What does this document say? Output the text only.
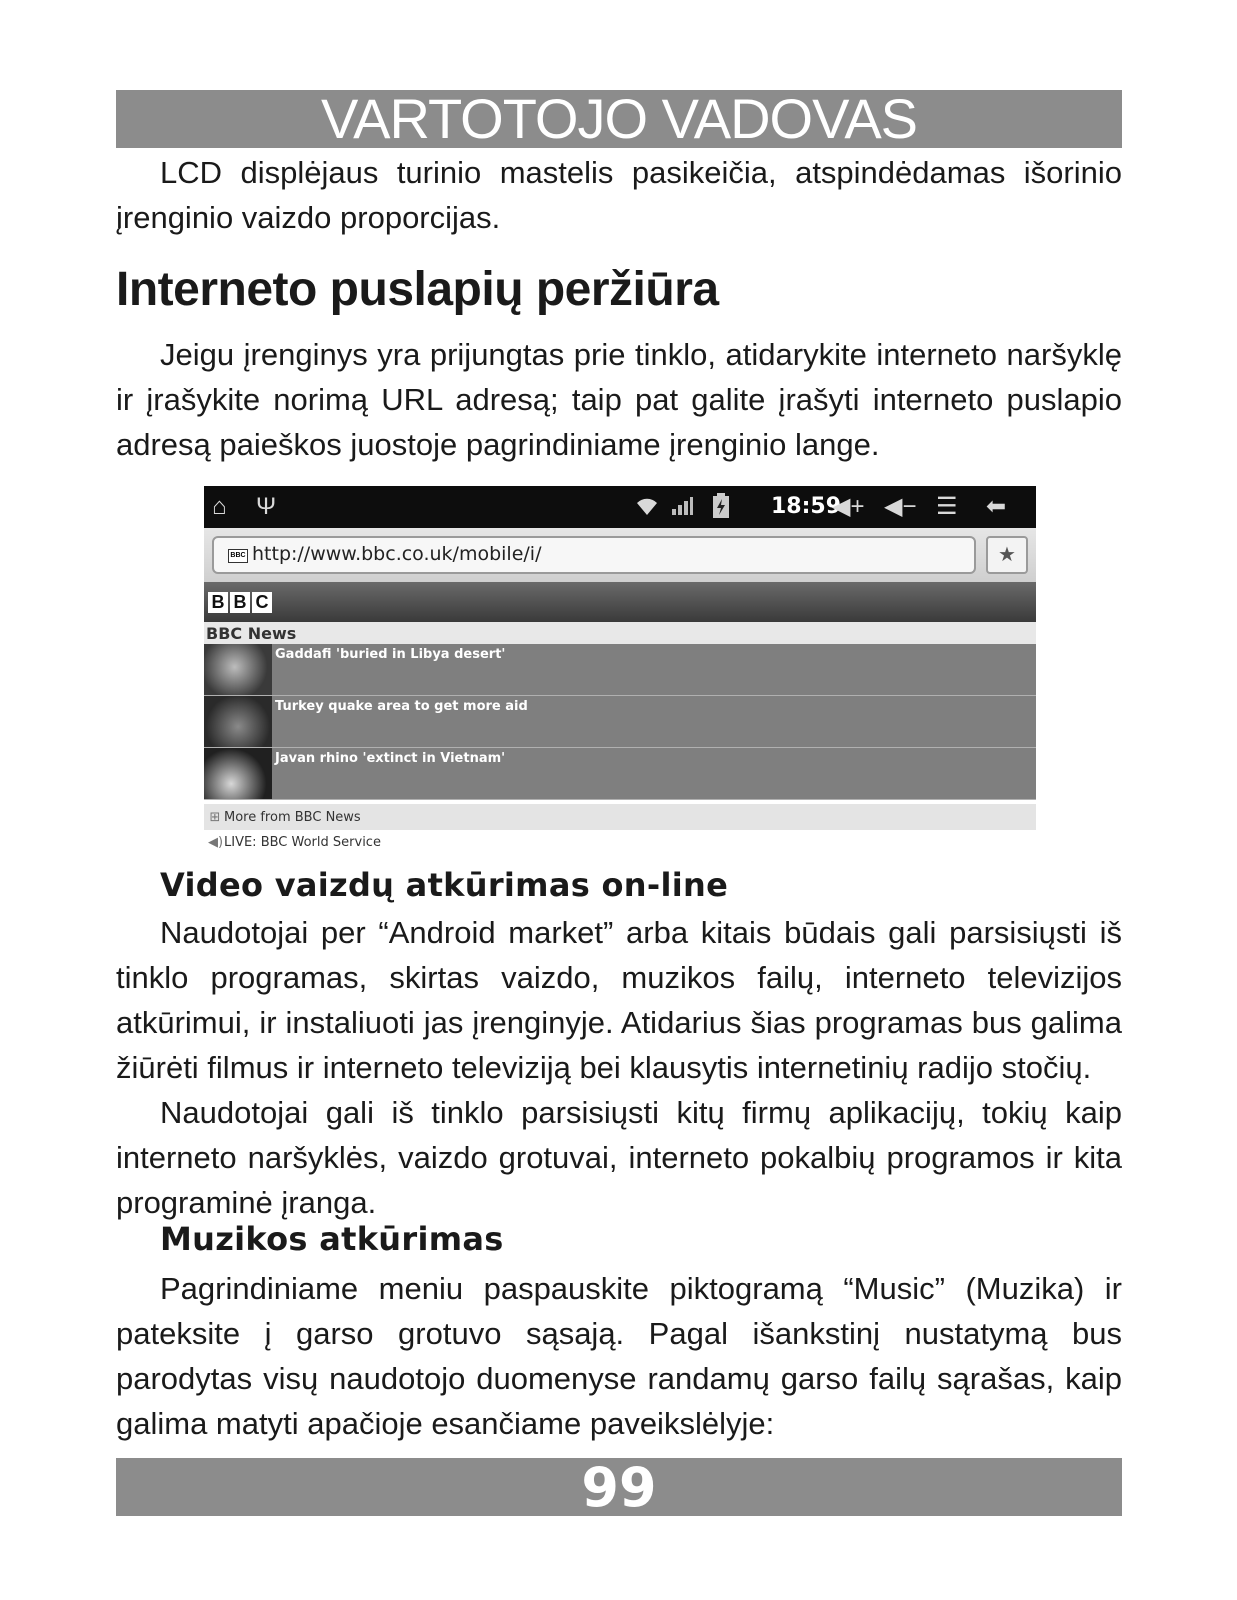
VARTOTOJO VADOVAS

LCD displėjaus turinio mastelis pasikeičia, atspindėdamas išorinio įrenginio vaizdo proporcijas.

Interneto puslapių peržiūra

Jeigu įrenginys yra prijungtas prie tinklo, atidarykite interneto naršyklę ir įrašykite norimą URL adresą; taip pat galite įrašyti interneto puslapio adresą paieškos juostoje pagrindiniame įrenginio lange.

⌂ Ψ	18:59
◀+ ◀− ☰ ⬅
BBC http://www.bbc.co.uk/mobile/i/	★
B B C
BBC News
Gaddafi 'buried in Libya desert'
Turkey quake area to get more aid
Javan rhino 'extinct in Vietnam'
⊞ More from BBC News
◀)LIVE: BBC World Service
Video vaizdų atkūrimas on-line

Naudotojai per “Android market” arba kitais būdais gali parsisiųsti iš tinklo programas, skirtas vaizdo, muzikos failų, interneto televizijos atkūrimui, ir instaliuoti jas įrenginyje. Atidarius šias programas bus galima žiūrėti filmus ir interneto televiziją bei klausytis internetinių radijo stočių.

Naudotojai gali iš tinklo parsisiųsti kitų firmų aplikacijų, tokių kaip interneto naršyklės, vaizdo grotuvai, interneto pokalbių programos ir kita programinė įranga.

Muzikos atkūrimas

Pagrindiniame meniu paspauskite piktogramą “Music” (Muzika) ir pateksite į garso grotuvo sąsają. Pagal išankstinį nustatymą bus parodytas visų naudotojo duomenyse randamų garso failų sąrašas, kaip galima matyti apačioje esančiame paveikslėlyje:

99
